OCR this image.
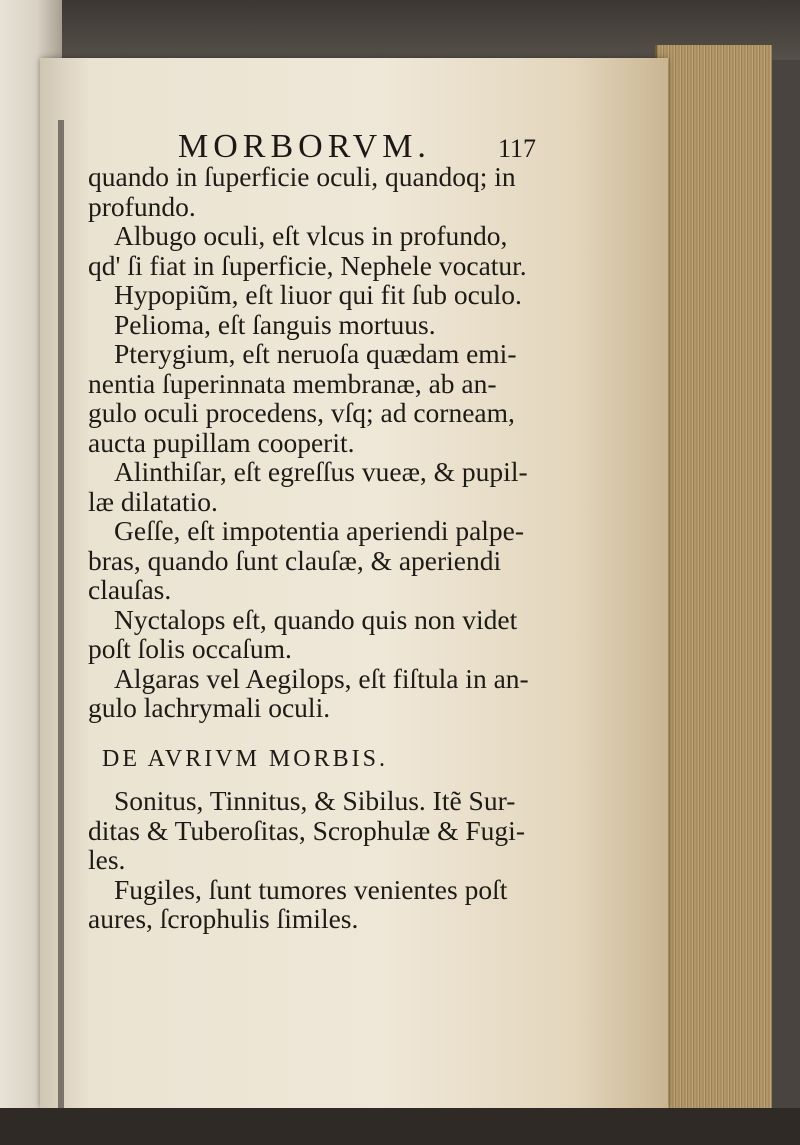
MORBORVM.	117
quando in ſuperficie oculi, quandoq; in
profundo.
Albugo oculi, eſt vlcus in profundo,
qd' ſi fiat in ſuperficie, Nephele vocatur.
Hypopiũm, eſt liuor qui fit ſub oculo.
Pelioma, eſt ſanguis mortuus.
Pterygium, eſt neruoſa quædam emi-
nentia ſuperinnata membranæ, ab an-
gulo oculi procedens, vſq; ad corneam,
aucta pupillam cooperit.
Alinthiſar, eſt egreſſus vueæ, & pupil-
læ dilatatio.
Geſſe, eſt impotentia aperiendi palpe-
bras, quando ſunt clauſæ, & aperiendi
clauſas.
Nyctalops eſt, quando quis non videt
poſt ſolis occaſum.
Algaras vel Aegilops, eſt fiſtula in an-
gulo lachrymali oculi.
DE AVRIVM MORBIS.
Sonitus, Tinnitus, & Sibilus. Itẽ Sur-
ditas & Tuberoſitas, Scrophulæ & Fugi-
les.
Fugiles, ſunt tumores venientes poſt
aures, ſcrophulis ſimiles.
